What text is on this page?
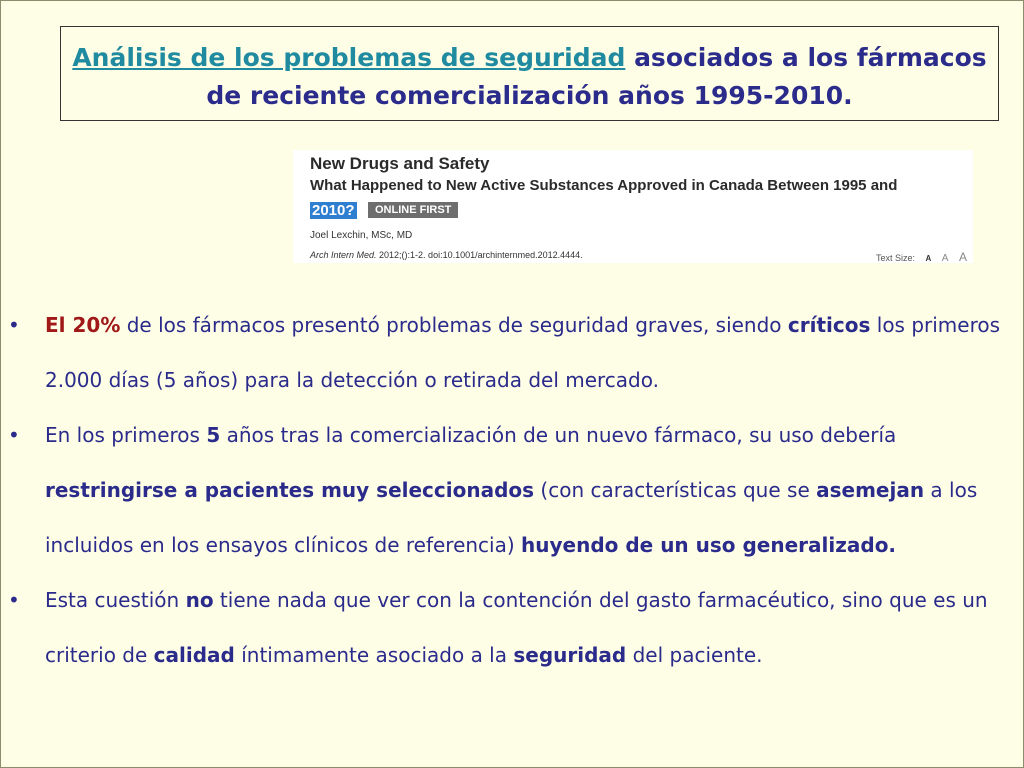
Análisis de los problemas de seguridad asociados a los fármacos
de reciente comercialización años 1995-2010.
New Drugs and Safety
What Happened to New Active Substances Approved in Canada Between 1995 and
2010?	ONLINE FIRST
Joel Lexchin, MSc, MD
Arch Intern Med. 2012;():1-2. doi:10.1001/archinternmed.2012.4444.	Text Size: A A A
• El 20% de los fármacos presentó problemas de seguridad graves, siendo críticos los primeros 2.000 días (5 años) para la detección o retirada del mercado.
• En los primeros 5 años tras la comercialización de un nuevo fármaco, su uso debería restringirse a pacientes muy seleccionados (con características que se asemejan a los incluidos en los ensayos clínicos de referencia) huyendo de un uso generalizado.
• Esta cuestión no tiene nada que ver con la contención del gasto farmacéutico, sino que es un criterio de calidad íntimamente asociado a la seguridad del paciente.
